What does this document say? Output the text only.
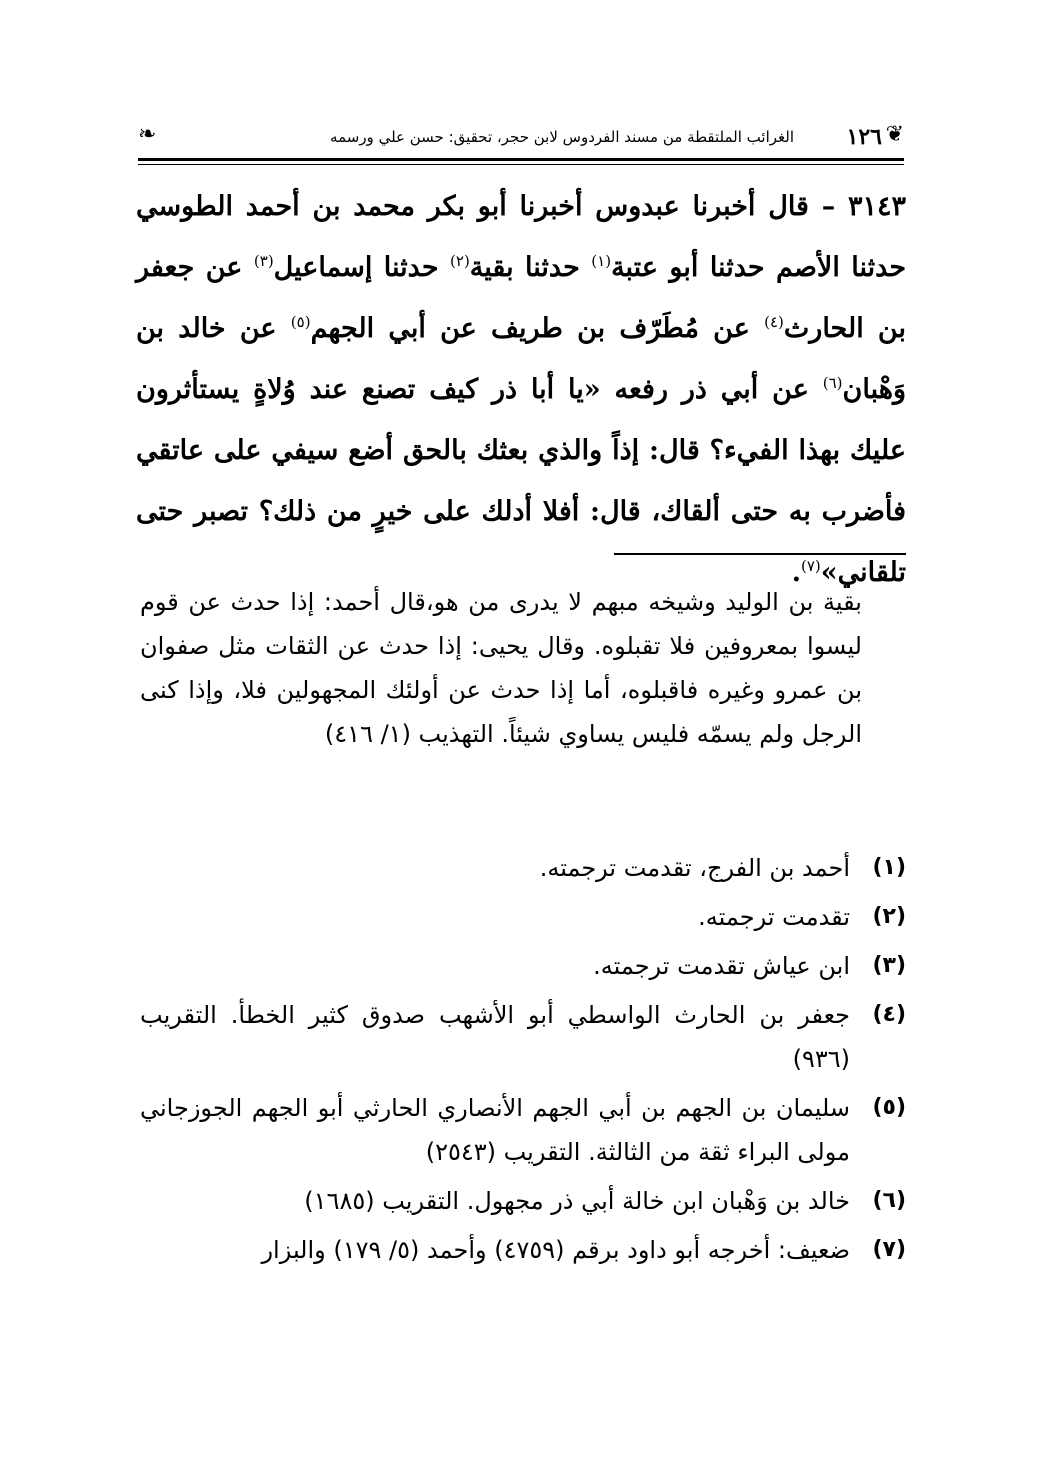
❦
١٢٦
الغرائب الملتقطة من مسند الفردوس لابن حجر، تحقيق: حسن علي ورسمه
❧

٣١٤٣ – قال أخبرنا عبدوس أخبرنا أبو بكر محمد بن أحمد الطوسي حدثنا الأصم حدثنا أبو عتبة$^{(١)}$ حدثنا بقية$^{(٢)}$ حدثنا إسماعيل$^{(٣)}$ عن جعفر بن الحارث$^{(٤)}$ عن مُطَرّف بن طريف عن أبي الجهم$^{(٥)}$ عن خالد بن وَهْبان$^{(٦)}$ عن أبي ذر رفعه «يا أبا ذر كيف تصنع عند وُلاةٍ يستأثرون عليك بهذا الفيء؟ قال: إذاً والذي بعثك بالحق أضع سيفي على عاتقي فأضرب به حتى ألقاك، قال: أفلا أدلك على خيرٍ من ذلك؟ تصبر حتى تلقاني»$^{(٧)}$.

بقية بن الوليد وشيخه مبهم لا يدرى من هو،قال أحمد: إذا حدث عن قوم ليسوا بمعروفين فلا تقبلوه. وقال يحيى: إذا حدث عن الثقات مثل صفوان بن عمرو وغيره فاقبلوه، أما إذا حدث عن أولئك المجهولين فلا، وإذا كنى الرجل ولم يسمّه فليس يساوي شيئاً. التهذيب (١/ ٤١٦)

(١)
أحمد بن الفرج، تقدمت ترجمته.

(٢)
تقدمت ترجمته.

(٣)
ابن عياش تقدمت ترجمته.

(٤)
جعفر بن الحارث الواسطي أبو الأشهب صدوق كثير الخطأ. التقريب (٩٣٦)

(٥)
سليمان بن الجهم بن أبي الجهم الأنصاري الحارثي أبو الجهم الجوزجاني مولى البراء ثقة من الثالثة. التقريب (٢٥٤٣)

(٦)
خالد بن وَهْبان ابن خالة أبي ذر مجهول. التقريب (١٦٨٥)

(٧)
ضعيف: أخرجه أبو داود برقم (٤٧٥٩) وأحمد (٥/ ١٧٩) والبزار
